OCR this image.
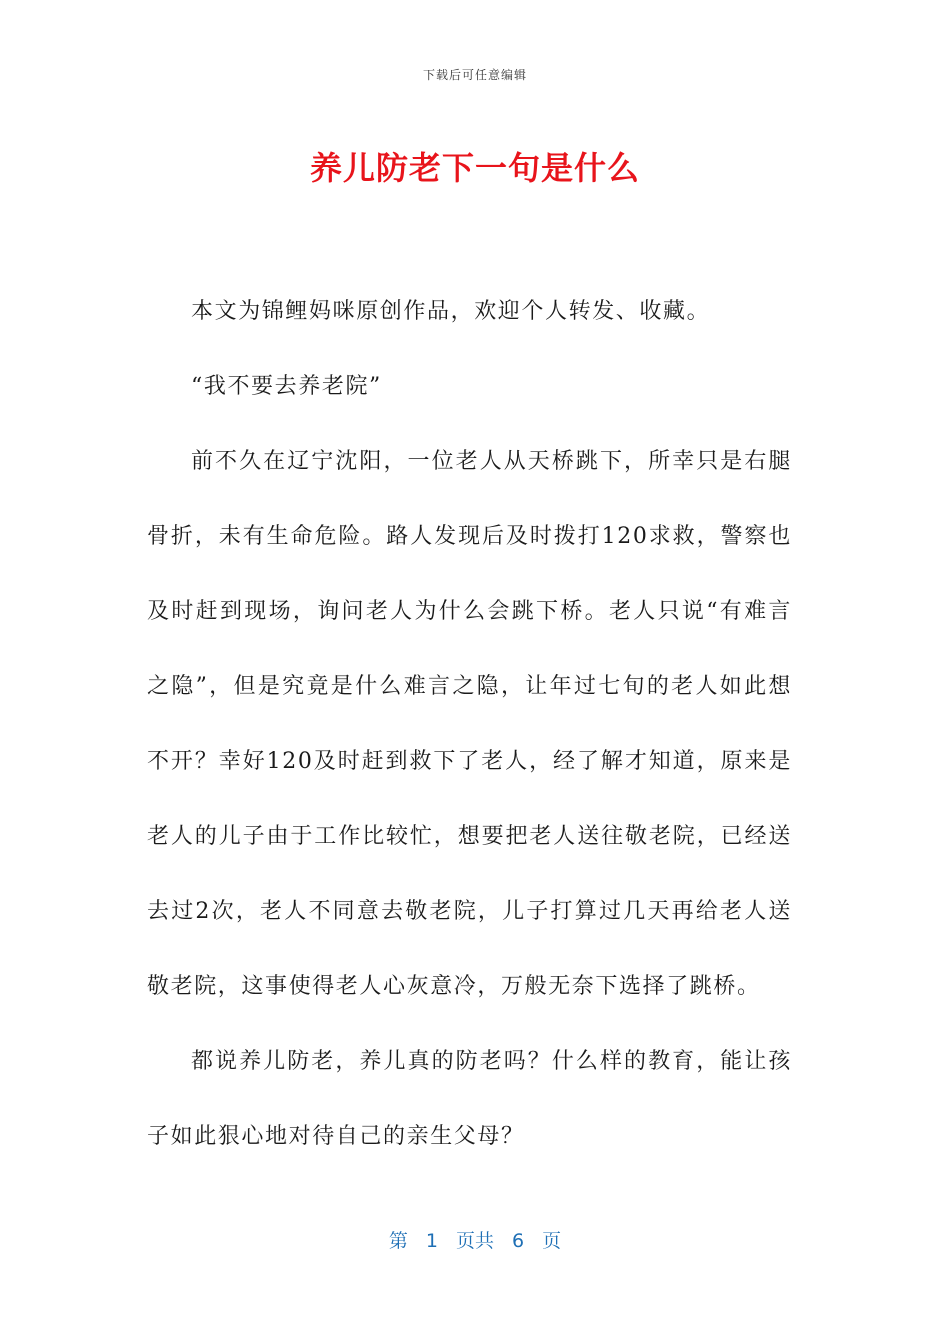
下载后可任意编辑
养儿防老下一句是什么

本文为锦鲤妈咪原创作品，欢迎个人转发、收藏。

“我不要去养老院”

前不久在辽宁沈阳，一位老人从天桥跳下，所幸只是右腿骨折，未有生命危险。路人发现后及时拨打120求救，警察也及时赶到现场，询问老人为什么会跳下桥。老人只说“有难言之隐”，但是究竟是什么难言之隐，让年过七旬的老人如此想不开？幸好120及时赶到救下了老人，经了解才知道，原来是老人的儿子由于工作比较忙，想要把老人送往敬老院，已经送去过2次，老人不同意去敬老院，儿子打算过几天再给老人送敬老院，这事使得老人心灰意冷，万般无奈下选择了跳桥。

都说养儿防老，养儿真的防老吗？什么样的教育，能让孩子如此狠心地对待自己的亲生父母？

第 1 页共 6 页
